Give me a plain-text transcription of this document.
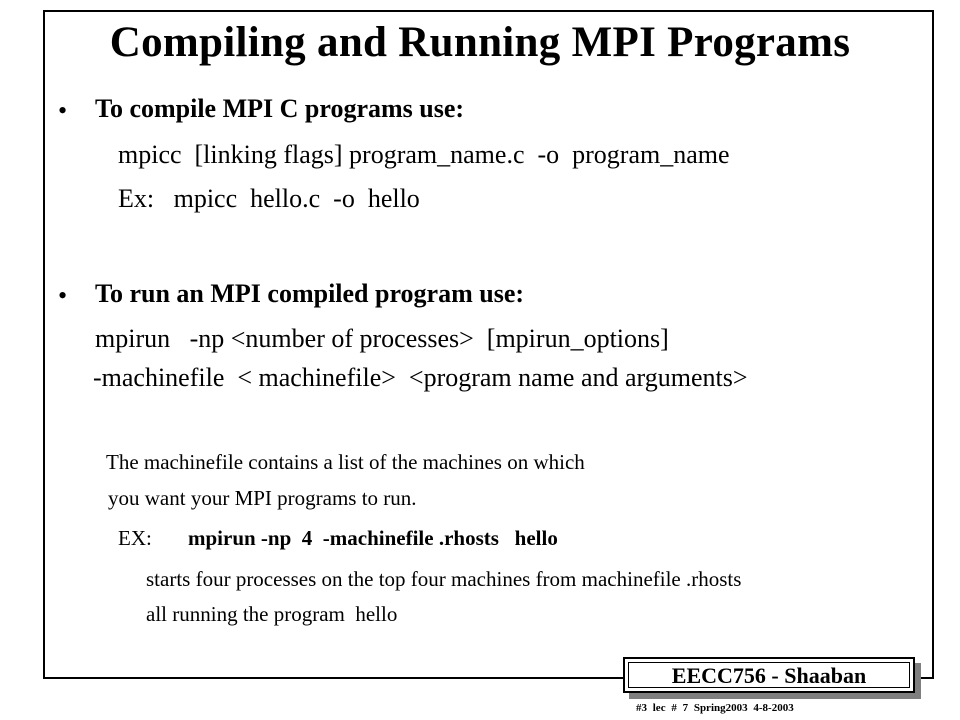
Compiling and Running MPI Programs
• To compile MPI C programs use:
mpicc  [linking flags] program_name.c  -o  program_name
Ex:   mpicc  hello.c  -o  hello
• To run an MPI compiled program use:
mpirun   -np <number of processes>  [mpirun_options]
-machinefile  < machinefile>  <program name and arguments>
The machinefile contains a list of the machines on which
you want your MPI programs to run.
EX: mpirun -np  4  -machinefile .rhosts   hello
starts four processes on the top four machines from machinefile .rhosts
all running the program  hello
EECC756 - Shaaban
#3 lec # 7 Spring2003 4-8-2003
